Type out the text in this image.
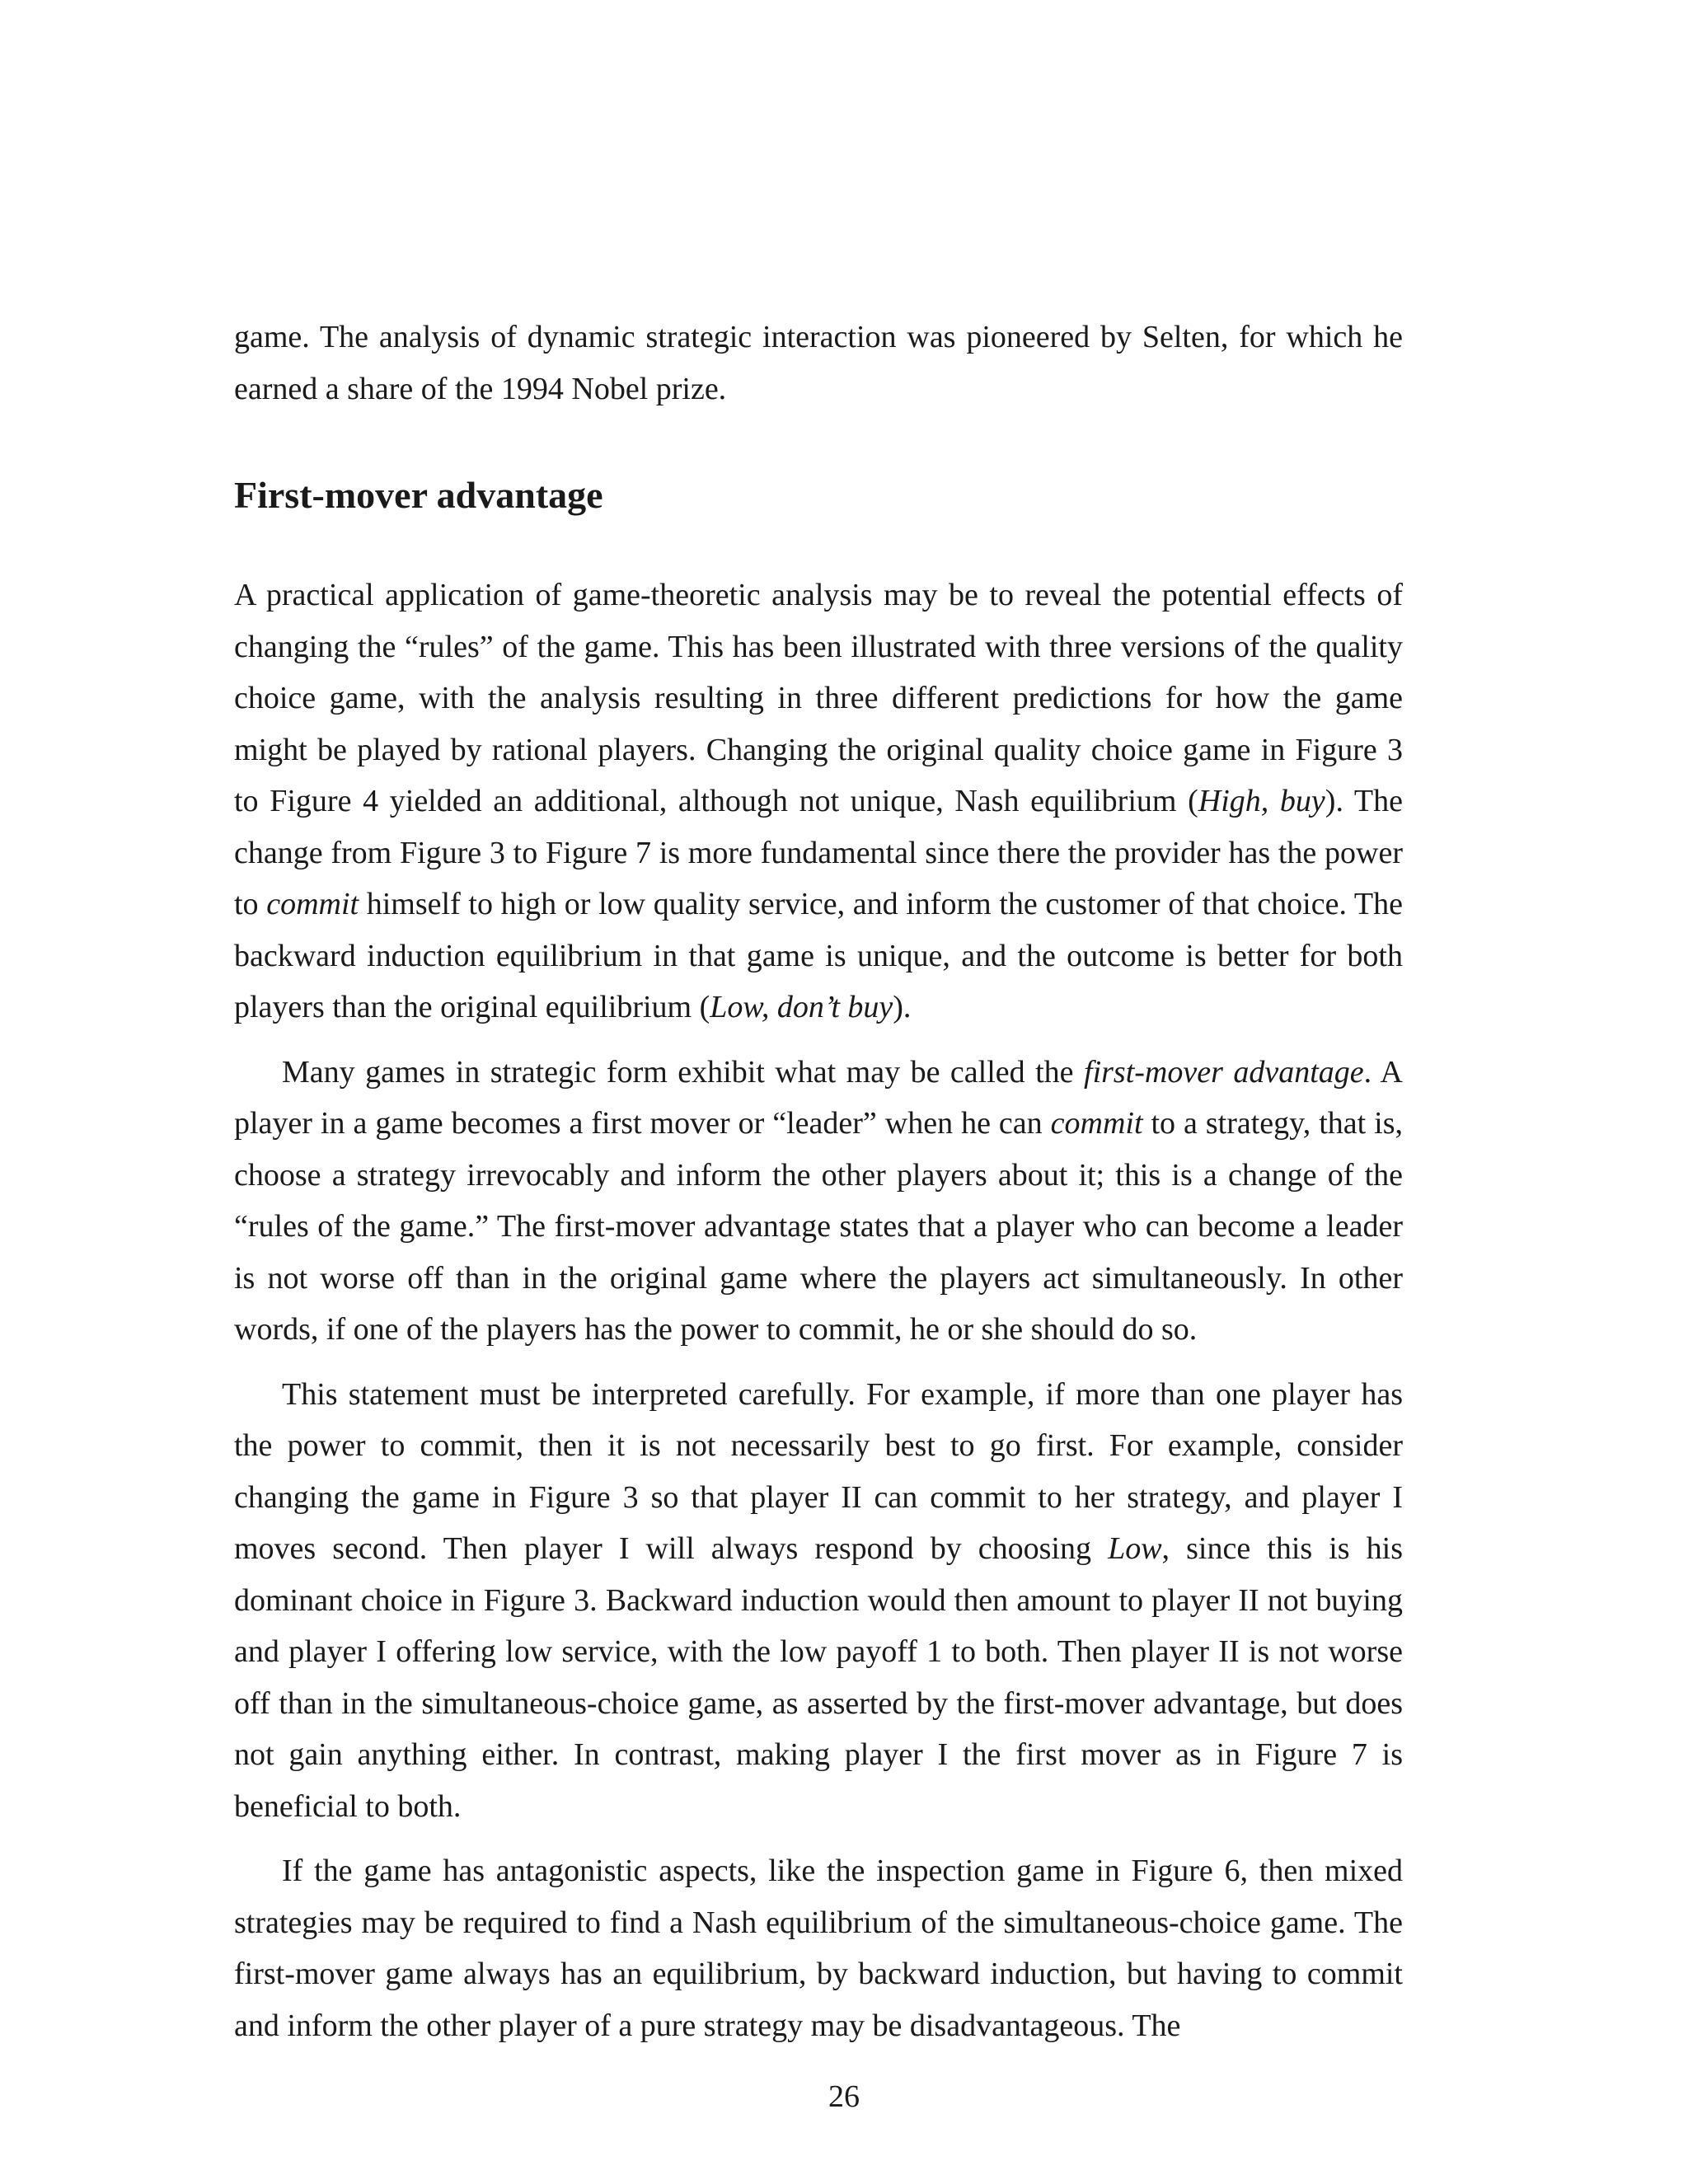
game. The analysis of dynamic strategic interaction was pioneered by Selten, for which he earned a share of the 1994 Nobel prize.

First-mover advantage

A practical application of game-theoretic analysis may be to reveal the potential effects of changing the “rules” of the game. This has been illustrated with three versions of the quality choice game, with the analysis resulting in three different predictions for how the game might be played by rational players. Changing the original quality choice game in Figure 3 to Figure 4 yielded an additional, although not unique, Nash equilibrium (High, buy). The change from Figure 3 to Figure 7 is more fundamental since there the provider has the power to commit himself to high or low quality service, and inform the customer of that choice. The backward induction equilibrium in that game is unique, and the outcome is better for both players than the original equilibrium (Low, don’t buy).

Many games in strategic form exhibit what may be called the first-mover advantage. A player in a game becomes a first mover or “leader” when he can commit to a strategy, that is, choose a strategy irrevocably and inform the other players about it; this is a change of the “rules of the game.” The first-mover advantage states that a player who can become a leader is not worse off than in the original game where the players act simultaneously. In other words, if one of the players has the power to commit, he or she should do so.

This statement must be interpreted carefully. For example, if more than one player has the power to commit, then it is not necessarily best to go first. For example, consider changing the game in Figure 3 so that player II can commit to her strategy, and player I moves second. Then player I will always respond by choosing Low, since this is his dominant choice in Figure 3. Backward induction would then amount to player II not buying and player I offering low service, with the low payoff 1 to both. Then player II is not worse off than in the simultaneous-choice game, as asserted by the first-mover advantage, but does not gain anything either. In contrast, making player I the first mover as in Figure 7 is beneficial to both.

If the game has antagonistic aspects, like the inspection game in Figure 6, then mixed strategies may be required to find a Nash equilibrium of the simultaneous-choice game. The first-mover game always has an equilibrium, by backward induction, but having to commit and inform the other player of a pure strategy may be disadvantageous. The

26
